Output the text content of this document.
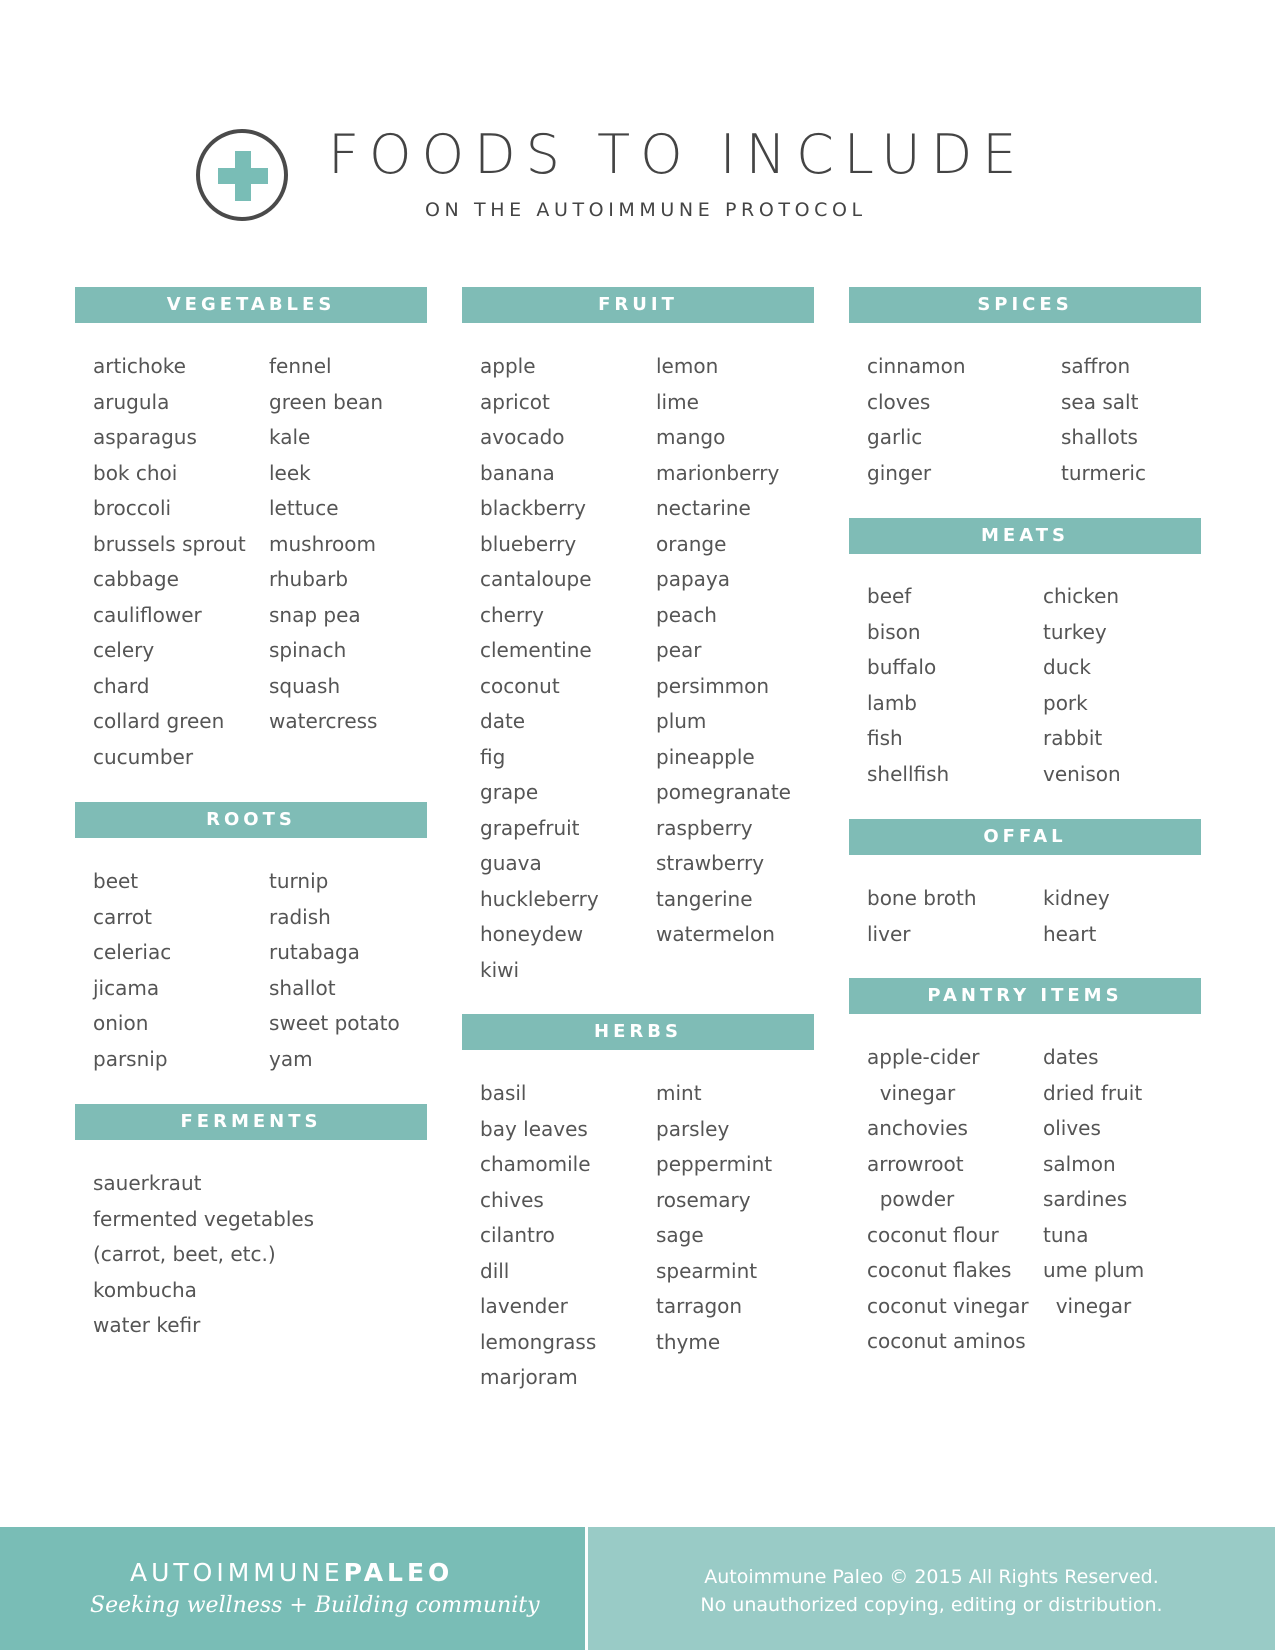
FOODS TO INCLUDE
ON THE AUTOIMMUNE PROTOCOL
VEGETABLES
artichoke
arugula
asparagus
bok choi
broccoli
brussels sprout
cabbage
cauliflower
celery
chard
collard green
cucumber
fennel
green bean
kale
leek
lettuce
mushroom
rhubarb
snap pea
spinach
squash
watercress
ROOTS
beet
carrot
celeriac
jicama
onion
parsnip
turnip
radish
rutabaga
shallot
sweet potato
yam
FERMENTS
sauerkraut
fermented vegetables
(carrot, beet, etc.)
kombucha
water kefir
FRUIT
apple
apricot
avocado
banana
blackberry
blueberry
cantaloupe
cherry
clementine
coconut
date
fig
grape
grapefruit
guava
huckleberry
honeydew
kiwi
lemon
lime
mango
marionberry
nectarine
orange
papaya
peach
pear
persimmon
plum
pineapple
pomegranate
raspberry
strawberry
tangerine
watermelon
HERBS
basil
bay leaves
chamomile
chives
cilantro
dill
lavender
lemongrass
marjoram
mint
parsley
peppermint
rosemary
sage
spearmint
tarragon
thyme
SPICES
cinnamon
cloves
garlic
ginger
saffron
sea salt
shallots
turmeric
MEATS
beef
bison
buffalo
lamb
fish
shellfish
chicken
turkey
duck
pork
rabbit
venison
OFFAL
bone broth
liver
kidney
heart
PANTRY ITEMS
apple-cider
vinegar
anchovies
arrowroot
powder
coconut flour
coconut flakes
coconut vinegar
coconut aminos
dates
dried fruit
olives
salmon
sardines
tuna
ume plum
vinegar
AUTOIMMUNEPALEO
Seeking wellness + Building community
Autoimmune Paleo © 2015 All Rights Reserved.
No unauthorized copying, editing or distribution.
